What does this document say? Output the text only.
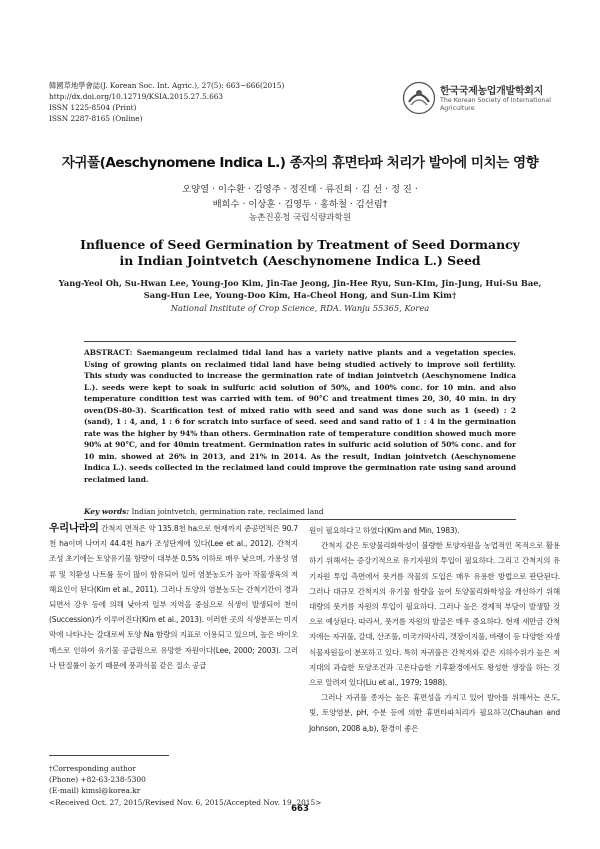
韓國草地學會誌(J. Korean Soc. Int. Agric.), 27(5): 663~666(2015)
http://dx.doi.org/10.12719/KSIA.2015.27.5.663
ISSN 1225-8504 (Print)
ISSN 2287-8165 (Online)
한국국제농업개발학회지
The Korean Society of International Agriculture
자귀풀(Aeschynomene Indica L.) 종자의 휴면타파 처리가 발아에 미치는 영향
오양열 · 이수환 · 김영주 · 정진태 · 류진희 · 김 선 · 정 진 ·
배희수 · 이상훈 · 김영두 · 홍하철 · 김선림†
농촌진흥청 국립식량과학원
Influence of Seed Germination by Treatment of Seed Dormancy
in Indian Jointvetch (Aeschynomene Indica L.) Seed
Yang-Yeol Oh, Su-Hwan Lee, Young-Joo Kim, Jin-Tae Jeong, Jin-Hee Ryu, Sun-KIm, Jin-Jung, Hui-Su Bae,
Sang-Hun Lee, Young-Doo Kim, Ha-Cheol Hong, and Sun-Lim Kim†
National Institute of Crop Science, RDA. Wanju 55365, Korea
ABSTRACT: Saemangeum reclaimed tidal land has a variety native plants and a vegetation species. Using of growing plants on reclaimed tidal land have being studied actively to improve soil fertility. This study was conducted to increase the germination rate of indian jointvetch (Aeschynomene Indica L.). seeds were kept to soak in sulfuric acid solution of 50%, and 100% conc. for 10 min. and also temperature condition test was carried with tem. of 90°C and treatment times 20, 30, 40 min. in dry oven(DS-80-3). Scarification test of mixed ratio with seed and sand was done such as 1 (seed) : 2 (sand), 1 : 4, and, 1 : 6 for scratch into surface of seed. seed and sand ratio of 1 : 4 in the germination rate was the higher by 94% than others. Germination rate of temperature condition showed much more 90% at 90°C, and for 40min treatment. Germination rates in sulfuric acid solution of 50% conc. and for 10 min. showed at 26% in 2013, and 21% in 2014. As the result, Indian jointvetch (Aeschynomene Indica L.). seeds collected in the reclaimed land could improve the germination rate using sand around reclaimed land.
Key words: Indian jointvetch, germination rate, reclaimed land

우리나라의 간척지 면적은 약 135.8천 ha으로 현재까지 준공면적은 90.7천 ha이며 나머지 44.4천 ha가 조성단계에 있다(Lee et al., 2012). 간척지 조성 초기에는 토양유기물 함량이 대부분 0.5% 이하로 매우 낮으며, 가용성 염류 및 치환성 나트륨 등이 많이 함유되어 있어 염분농도가 높아 작물생육의 저해요인이 된다(Kim et al., 2011). 그러나 토양의 염분농도는 간척기간이 경과되면서 강우 등에 의해 낮아져 일부 지역을 중심으로 식생이 발생되어 천이(Succession)가 이루어진다(Kim et al., 2013). 이러한 곳의 식생분포는 미지막에 나타나는 갈대로써 토양 Na 함량의 지표로 이용되고 있으며, 높은 바이오매스로 인하여 유기물 공급원으로 유망한 자원이다(Lee, 2000; 2003). 그러나 탄질률이 높기 때문에 풍과식물 같은 질소 공급

원이 필요하다고 하였다(Kim and Min, 1983).

간척지 같은 토양불리화학성이 불량한 토양자원을 농업적인 목적으로 활용하기 위해서는 증강기적으로 유기자원의 투입이 필요하다. 그리고 간척지의 유기자원 투입 측면에서 풋거름 작물의 도입은 매우 유용한 방법으로 판단된다. 그러나 대규모 간척지의 유기물 함량을 높여 토양물리화학성을 개선하기 위해 대량의 풋거름 자원의 투입이 필요하다. 그러나 높은 경제적 부담이 발생할 것으로 예상된다. 따라서, 풋거름 자원의 발굴은 매우 중요하다. 현재 새만금 간척지에는 자귀풀, 갈대, 산조풀, 미국가막사리, 갯장이지풀, 바랭이 등 다양한 자생식물자원들이 분포하고 있다. 특히 자귀풀은 간척지와 같은 지하수위가 높은 저지대의 과습한 토양조건과 고온다습한 기후환경에서도 왕성한 생장을 하는 것으로 알려져 있다(Liu et al., 1979; 1988).

그러나 자귀풀 종자는 높은 휴면성을 가지고 있어 발아를 위해서는 온도, 빛, 토양염분, pH, 수분 등에 의한 휴면타파처리가 필요하고(Chauhan and Johnson, 2008 a,b), 환경이 좋은

†Corresponding author
(Phone) +82-63-238-5300
(E-mail) kimsl@korea.kr
<Received Oct. 27, 2015/Revised Nov. 6, 2015/Accepted Nov. 19, 2015>
663
